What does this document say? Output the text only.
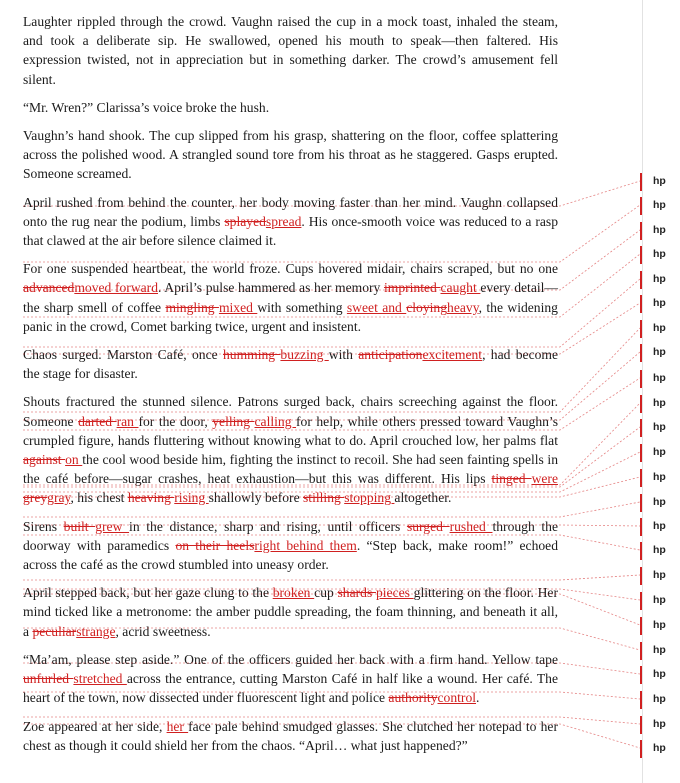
Laughter rippled through the crowd. Vaughn raised the cup in a mock toast, inhaled the steam, and took a deliberate sip. He swallowed, opened his mouth to speak—then faltered. His expression twisted, not in appreciation but in something darker. The crowd’s amusement fell silent.

“Mr. Wren?” Clarissa’s voice broke the hush.

Vaughn’s hand shook. The cup slipped from his grasp, shattering on the floor, coffee splattering across the polished wood. A strangled sound tore from his throat as he staggered. Gasps erupted. Someone screamed.

April rushed from behind the counter, her body moving faster than her mind. Vaughn collapsed onto the rug near the podium, limbs splayedspread. His once-smooth voice was reduced to a rasp that clawed at the air before silence claimed it.

For one suspended heartbeat, the world froze. Cups hovered midair, chairs scraped, but no one advancedmoved forward. April’s pulse hammered as her memory imprinted caught every detail—the sharp smell of coffee mingling mixed with something sweet and cloyingheavy, the widening panic in the crowd, Comet barking twice, urgent and insistent.

Chaos surged. Marston Café, once humming buzzing with anticipationexcitement, had become the stage for disaster.

Shouts fractured the stunned silence. Patrons surged back, chairs screeching against the floor. Someone darted ran for the door, yelling calling for help, while others pressed toward Vaughn’s crumpled figure, hands fluttering without knowing what to do. April crouched low, her palms flat against on the cool wood beside him, fighting the instinct to recoil. She had seen fainting spells in the café before—sugar crashes, heat exhaustion—but this was different. His lips tinged were greygray, his chest heaving rising shallowly before stilling stopping altogether.

Sirens built grew in the distance, sharp and rising, until officers surged rushed through the doorway with paramedics on their heelsright behind them. “Step back, make room!” echoed across the café as the crowd stumbled into uneasy order.

April stepped back, but her gaze clung to the broken cup shards pieces glittering on the floor. Her mind ticked like a metronome: the amber puddle spreading, the foam thinning, and beneath it all, a peculiarstrange, acrid sweetness.

“Ma’am, please step aside.” One of the officers guided her back with a firm hand. Yellow tape unfurled stretched across the entrance, cutting Marston Café in half like a wound. Her café. The heart of the town, now dissected under fluorescent light and police authoritycontrol.

Zoe appeared at her side, her face pale behind smudged glasses. She clutched her notepad to her chest as though it could shield her from the chaos. “April… what just happened?”

hp
hp
hp
hp
hp
hp
hp
hp
hp
hp
hp
hp
hp
hp
hp
hp
hp
hp
hp
hp
hp
hp
hp
hp
